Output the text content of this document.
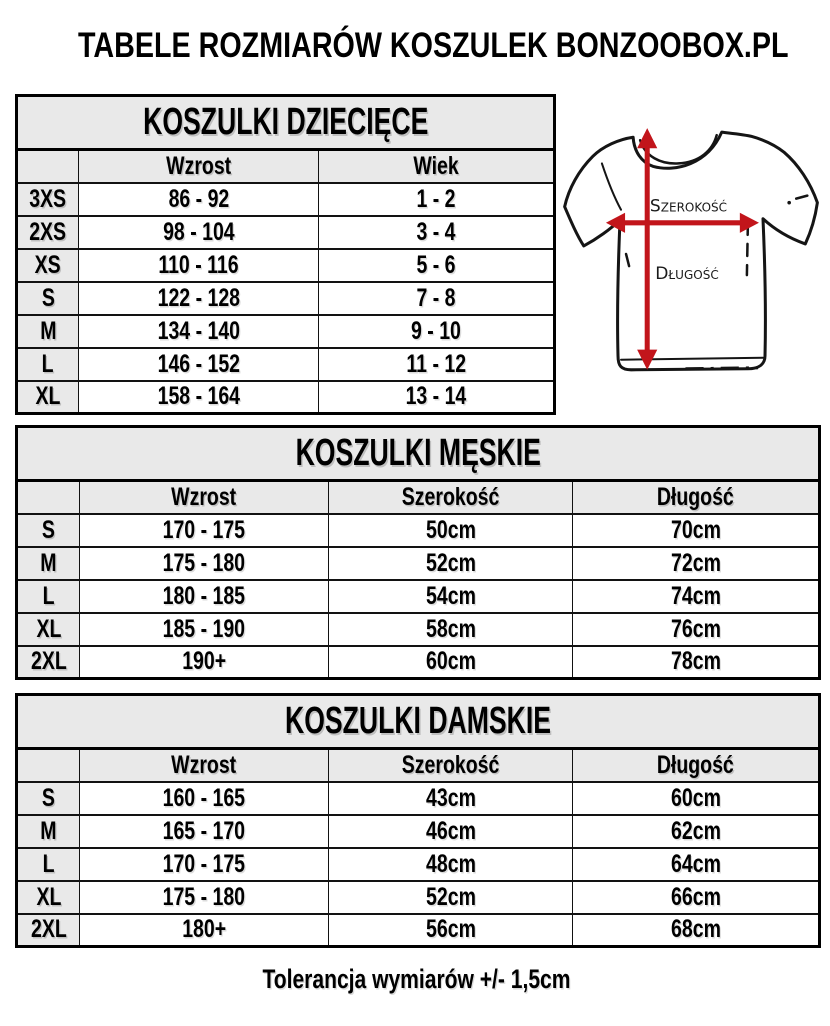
TABELE ROZMIARÓW KOSZULEK BONZOOBOX.PL
KOSZULKI DZIECIĘCE		
	Wzrost	Wiek
3XS	86 - 92	1 - 2
2XS	98 - 104	3 - 4
XS	110 - 116	5 - 6
S	122 - 128	7 - 8
M	134 - 140	9 - 10
L	146 - 152	11 - 12
XL	158 - 164	13 - 14
Szerokość
Długość
KOSZULKI MĘSKIE			
	Wzrost	Szerokość	Długość
S	170 - 175	50cm	70cm
M	175 - 180	52cm	72cm
L	180 - 185	54cm	74cm
XL	185 - 190	58cm	76cm
2XL	190+	60cm	78cm
KOSZULKI DAMSKIE			
	Wzrost	Szerokość	Długość
S	160 - 165	43cm	60cm
M	165 - 170	46cm	62cm
L	170 - 175	48cm	64cm
XL	175 - 180	52cm	66cm
2XL	180+	56cm	68cm

Tolerancja wymiarów +/- 1,5cm
